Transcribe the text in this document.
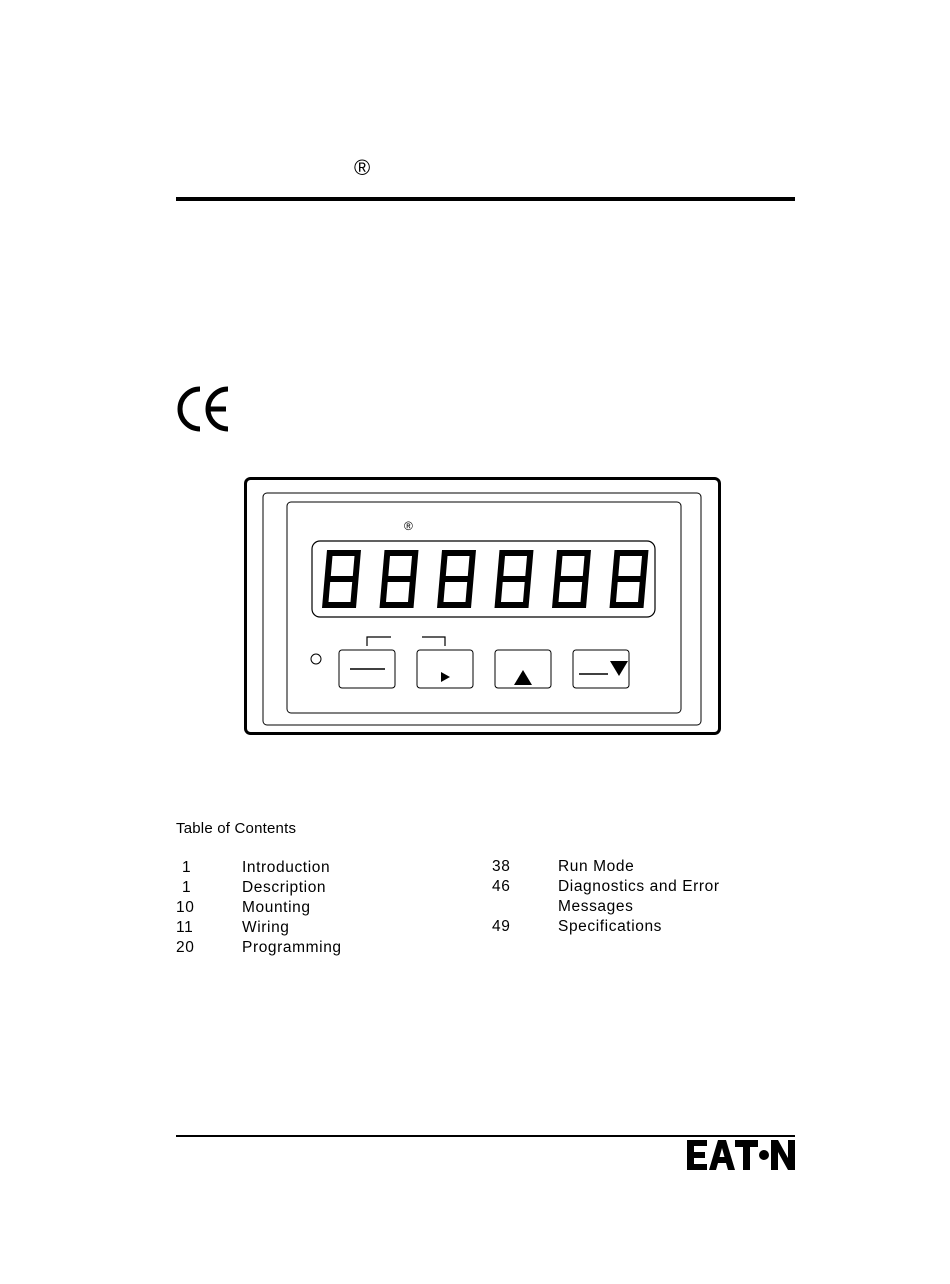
®
®
Table of Contents
1	Introduction
1	Description
10	Mounting
11	Wiring
20	Programming
38	Run Mode
46	Diagnostics and Error
Messages
49	Specifications
